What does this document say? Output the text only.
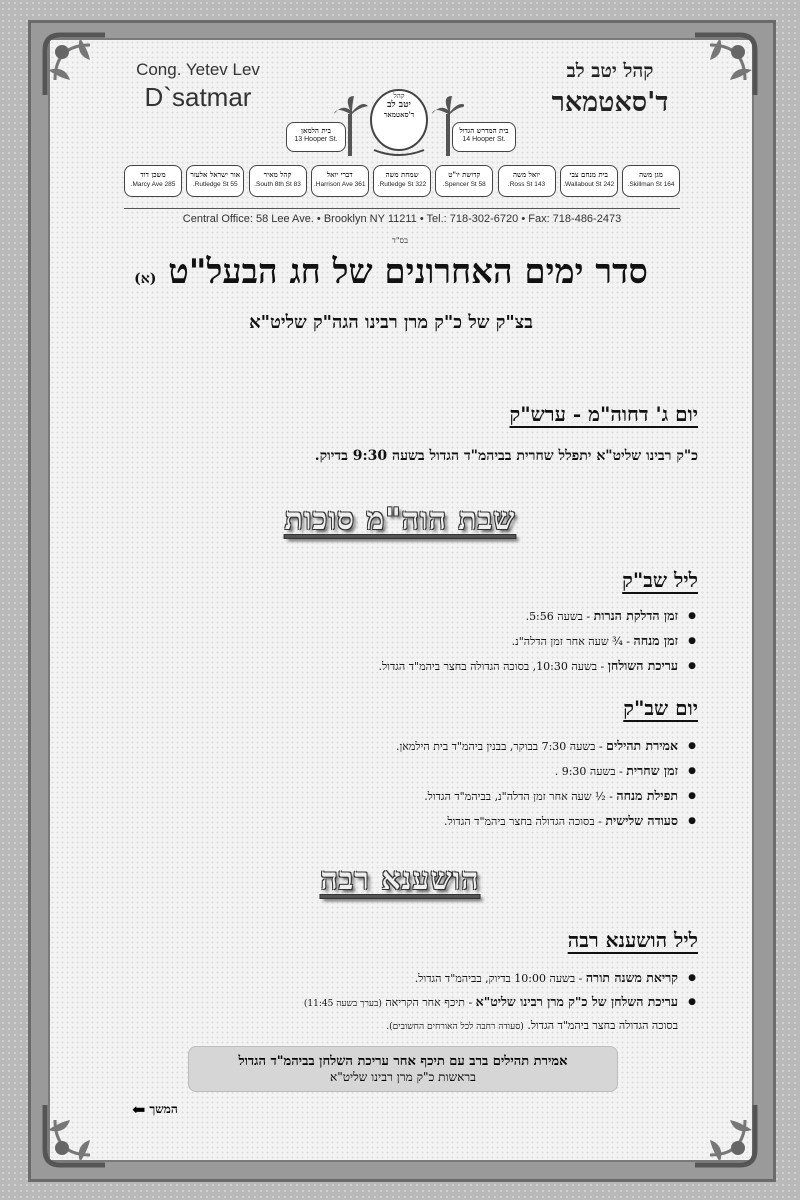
Cong. Yetev Lev
D`satmar
קהל יטב לב
ד'סאטמאר
קהל
יטב לב
ד'סאטמאר
בית הלמאן
13 Hooper St.
בית המדרש הגדול
14 Hooper St.
מגן משה
164 Skillman St.
בית מנחם צבי
242 Wallabout St.
יואל משה
143 Ross St.
קדושת יו"ט
58 Spencer St.
שמחת משה
322 Rutledge St.
דברי יואל
361 Harrison Ave.
קהל מאיר
83 South 8th St.
אור ישראל אלעזר
55 Rutledge St.
משכן דוד
285 Marcy Ave.
Central Office: 58 Lee Ave. • Brooklyn NY 11211 • Tel.: 718-302-6720 • Fax: 718-486-2473
בס"ד
סדר ימים האחרונים של חג הבעל"ט (א)
בצ"ק של כ"ק מרן רבינו הגה"ק שליט"א
יום ג' דחוה"מ - ערש"ק
כ"ק רבינו שליט"א יתפלל שחרית בביהמ"ד הגדול בשעה 9:30 בדיוק.
שבת הוה"מ סוכות
ליל שב"ק
● זמן הדלקת הנרות - בשעה 5:56.
● זמן מנחה - ¾ שעה אחר זמן הדלה"נ.
● עריכת השולחן - בשעה 10:30, בסוכה הגדולה בחצר ביהמ"ד הגדול.
יום שב"ק
● אמירת תהילים - בשעה 7:30 בבוקר, בבנין ביהמ"ד בית הילמאן.
● זמן שחרית - בשעה 9:30 .
● תפילת מנחה - ½ שעה אחר זמן הדלה"נ, בביהמ"ד הגדול.
● סעודה שלישית - בסוכה הגדולה בחצר ביהמ"ד הגדול.
הושענא רבה
ליל הושענא רבה
● קריאת משנה תורה - בשעה 10:00 בדיוק, בביהמ"ד הגדול.
● עריכת השלחן של כ"ק מרן רבינו שליט"א - תיכף אחר הקריאה (בערך בשעה 11:45)
בסוכה הגדולה בחצר ביהמ"ד הגדול. (סעודה רחבה לכל האורחים החשובים).
אמירת תהילים ברב עם תיכף אחר עריכת השלחן בביהמ"ד הגדול
בראשות כ"ק מרן רבינו שליט"א
המשך
⬅
